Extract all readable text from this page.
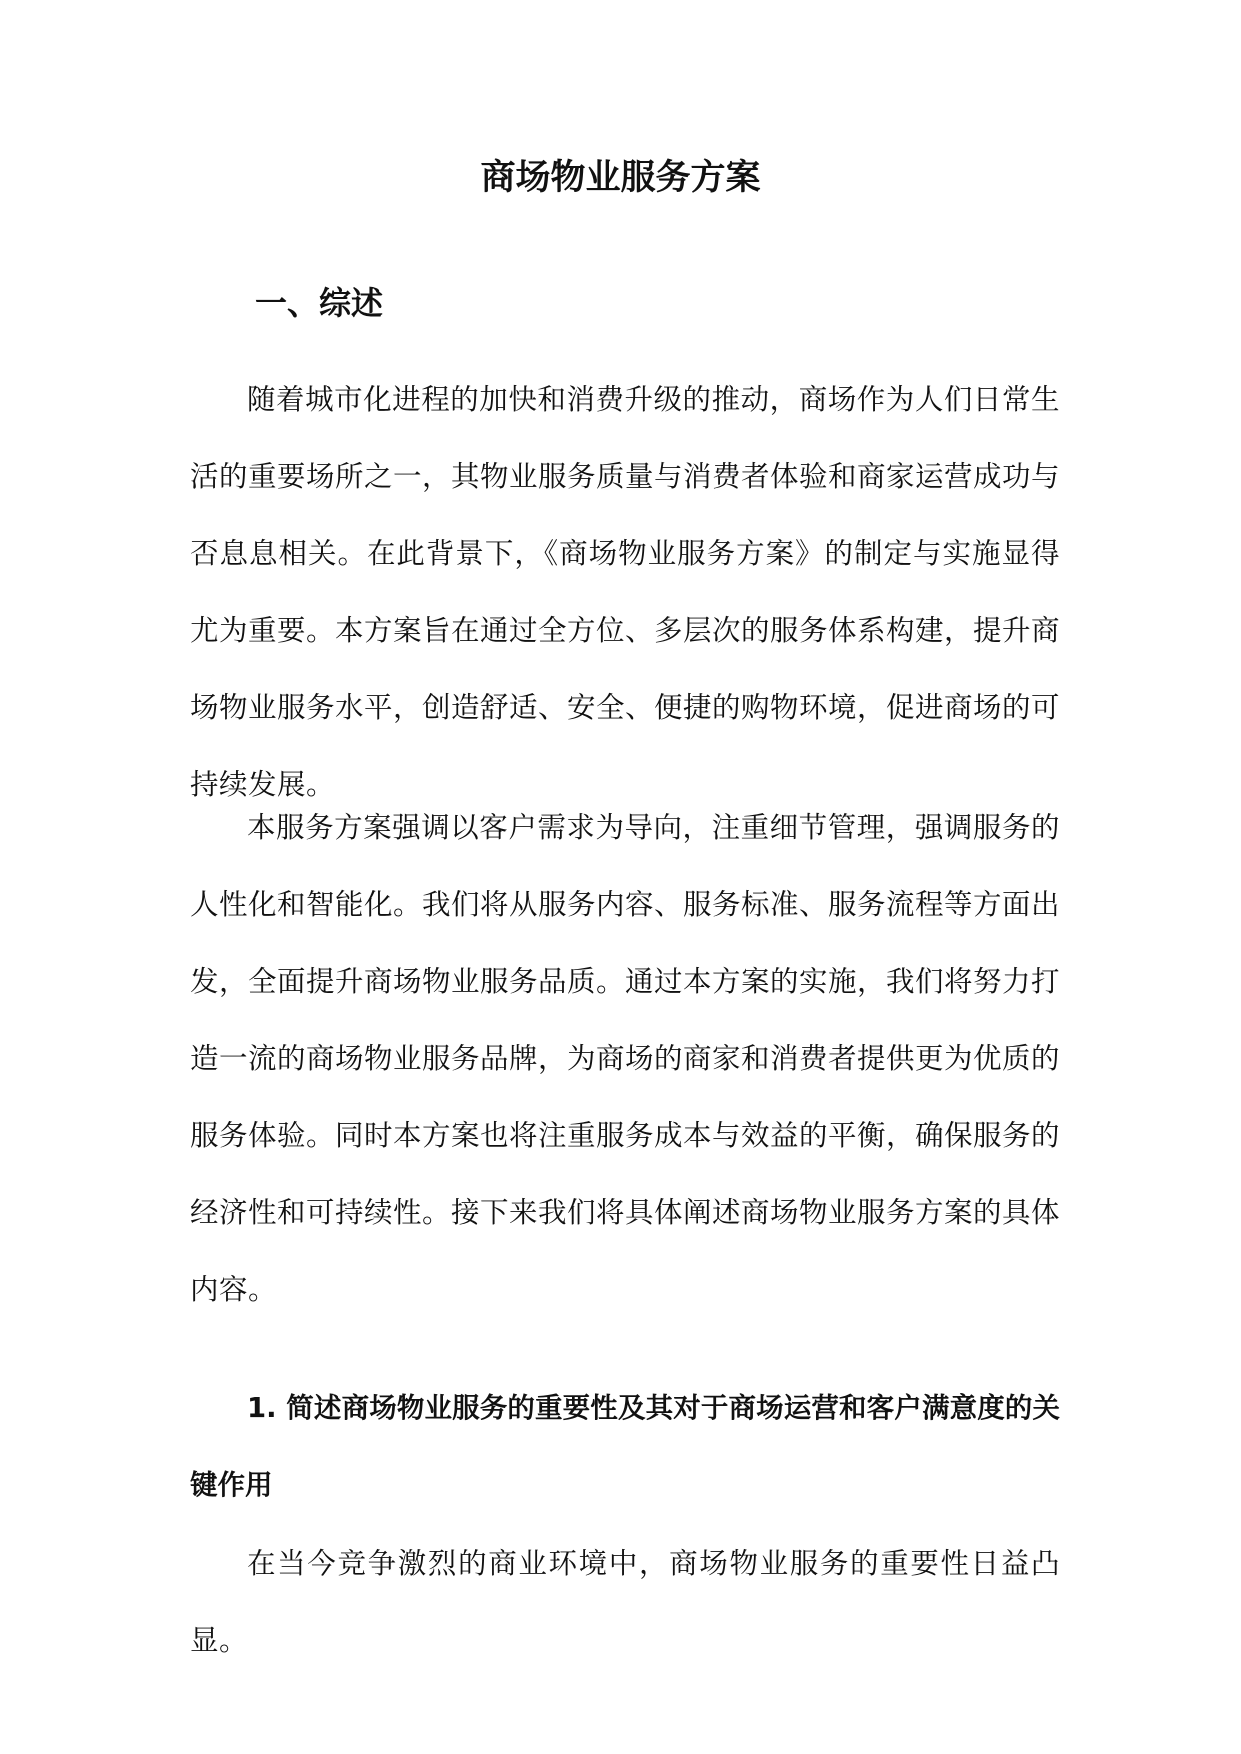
商场物业服务方案
一、综述

随着城市化进程的加快和消费升级的推动，商场作为人们日常生活的重要场所之一，其物业服务质量与消费者体验和商家运营成功与否息息相关。在此背景下，《商场物业服务方案》的制定与实施显得尤为重要。本方案旨在通过全方位、多层次的服务体系构建，提升商场物业服务水平，创造舒适、安全、便捷的购物环境，促进商场的可持续发展。

本服务方案强调以客户需求为导向，注重细节管理，强调服务的人性化和智能化。我们将从服务内容、服务标准、服务流程等方面出发，全面提升商场物业服务品质。通过本方案的实施，我们将努力打造一流的商场物业服务品牌，为商场的商家和消费者提供更为优质的服务体验。同时本方案也将注重服务成本与效益的平衡，确保服务的经济性和可持续性。接下来我们将具体阐述商场物业服务方案的具体内容。

1. 简述商场物业服务的重要性及其对于商场运营和客户满意度的关键作用

在当今竞争激烈的商业环境中，商场物业服务的重要性日益凸显。
